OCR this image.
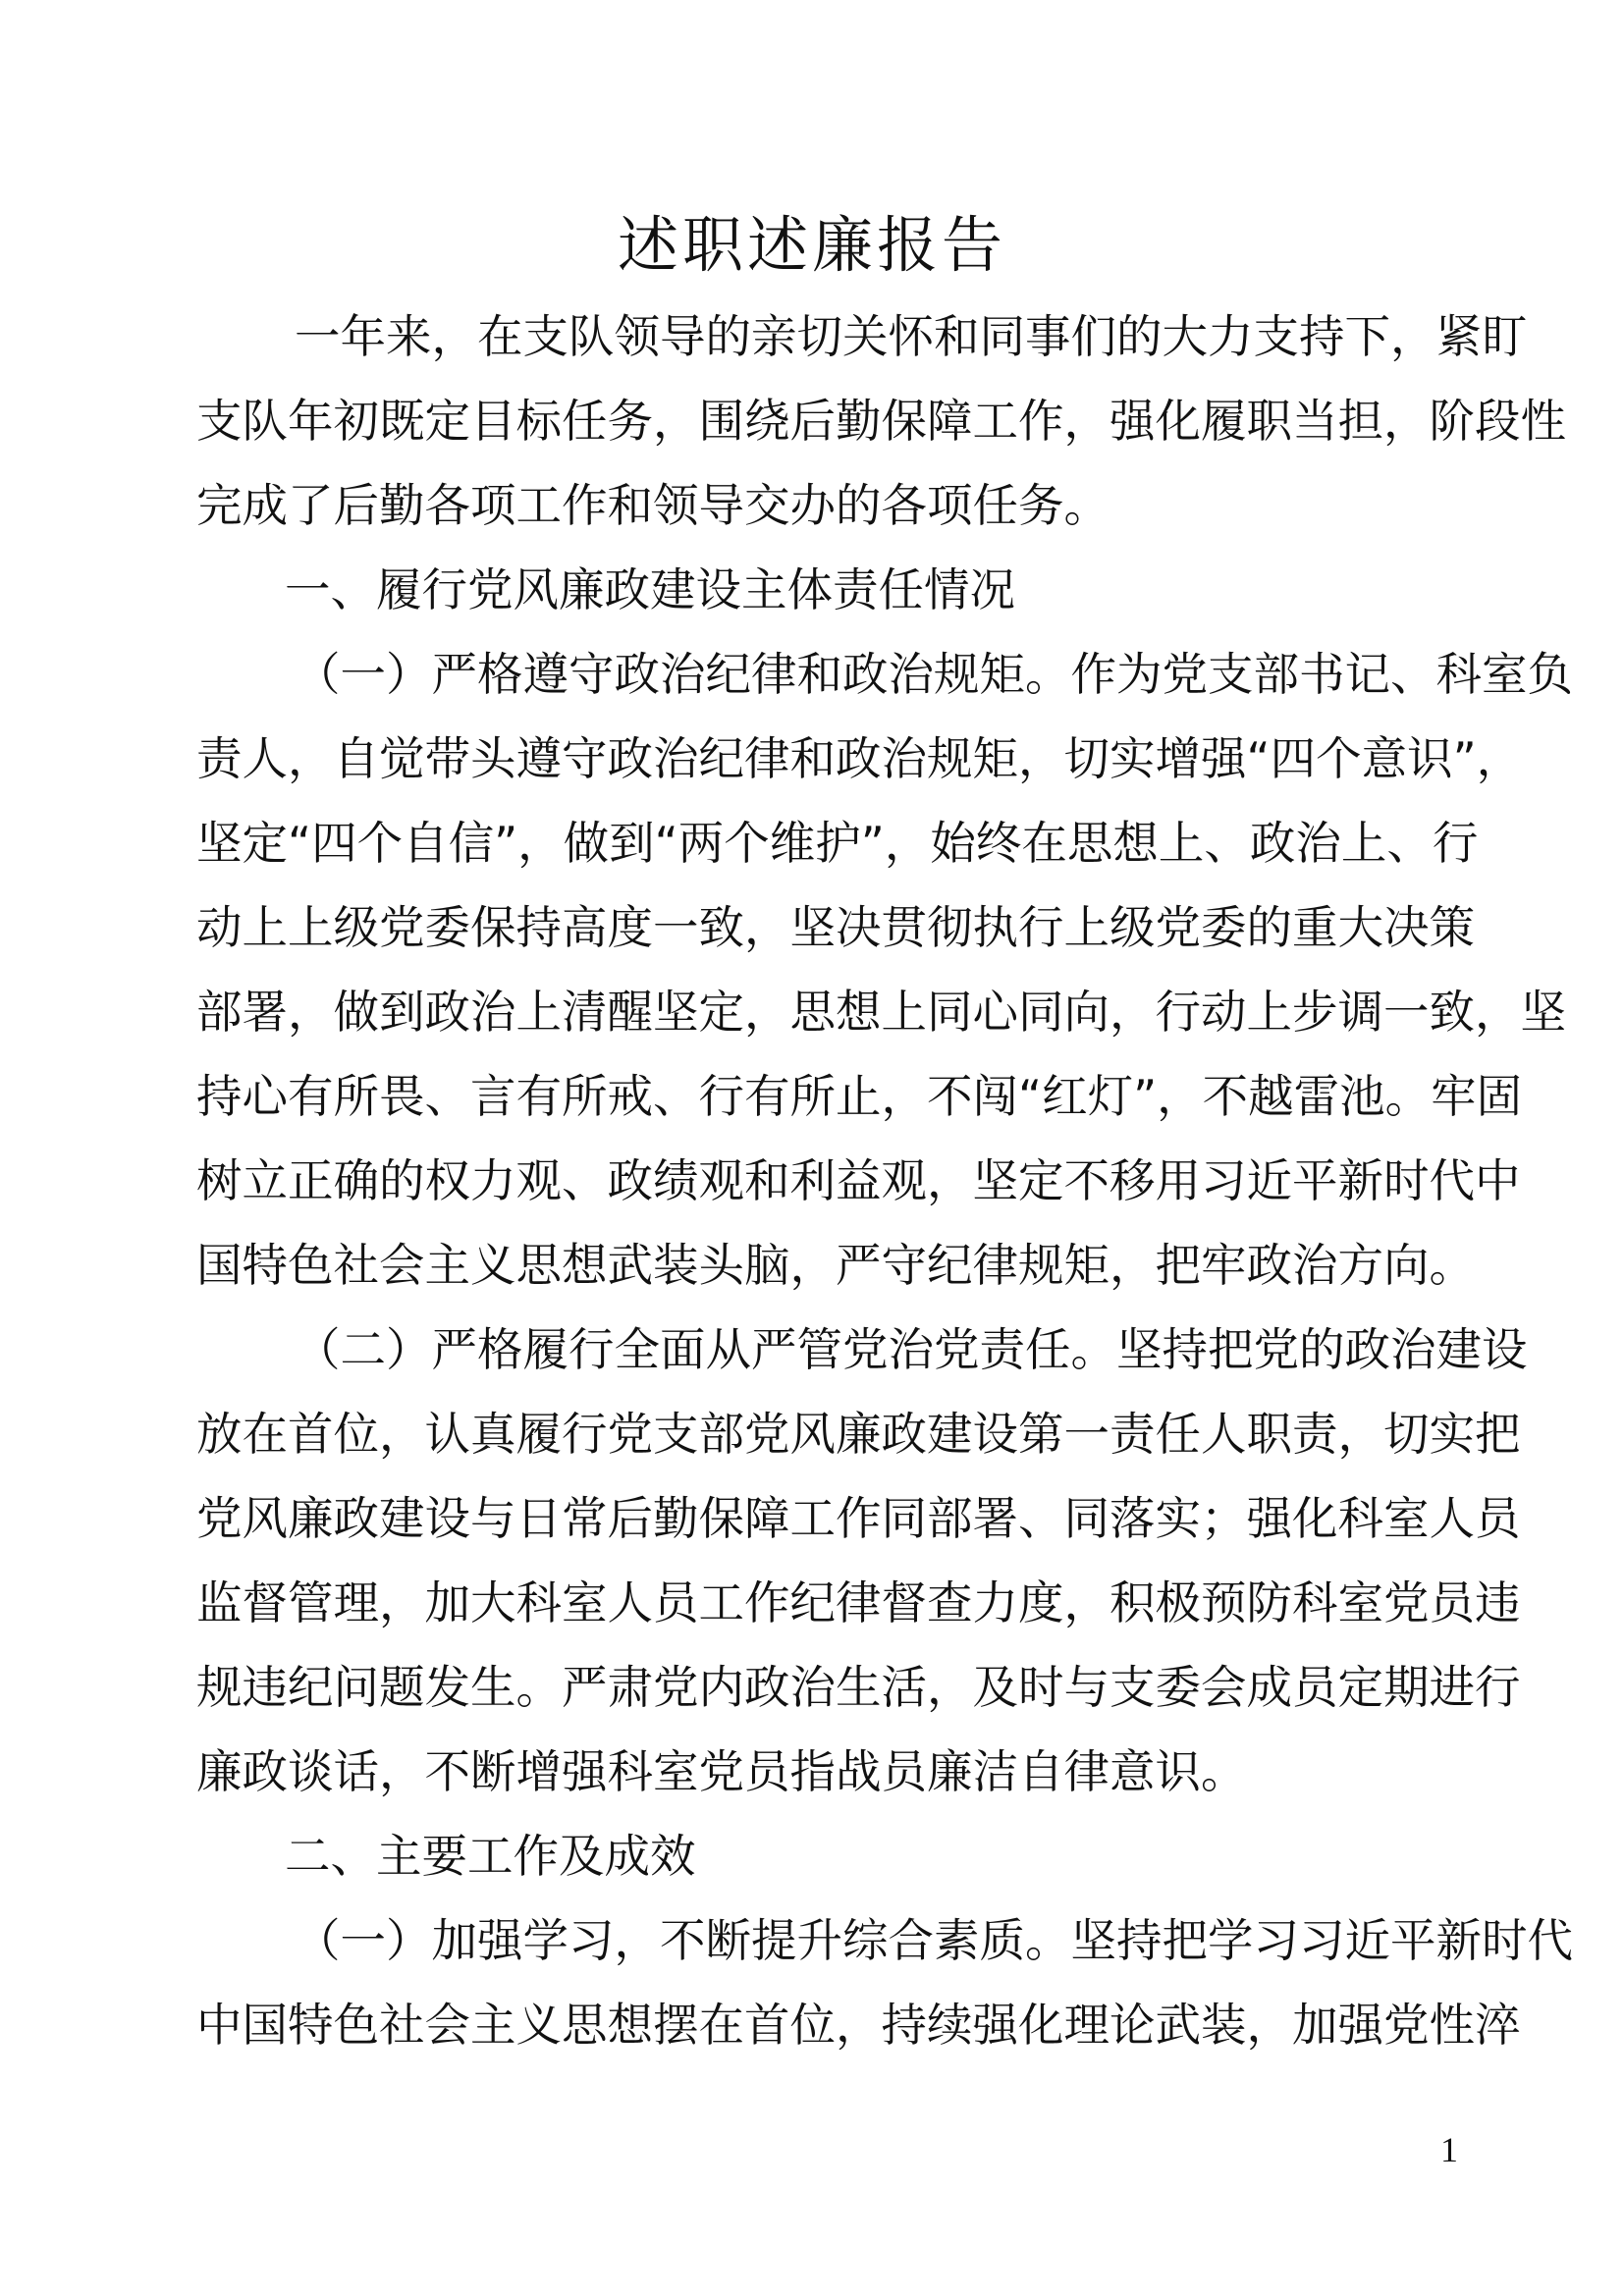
述职述廉报告
一年来，在支队领导的亲切关怀和同事们的大力支持下，紧盯
支队年初既定目标任务，围绕后勤保障工作，强化履职当担，阶段性
完成了后勤各项工作和领导交办的各项任务。
一、履行党风廉政建设主体责任情况
（一）严格遵守政治纪律和政治规矩。作为党支部书记、科室负
责人，自觉带头遵守政治纪律和政治规矩，切实增强“四个意识”，
坚定“四个自信”，做到“两个维护”，始终在思想上、政治上、行
动上上级党委保持高度一致，坚决贯彻执行上级党委的重大决策
部署，做到政治上清醒坚定，思想上同心同向，行动上步调一致，坚
持心有所畏、言有所戒、行有所止，不闯“红灯”，不越雷池。牢固
树立正确的权力观、政绩观和利益观，坚定不移用习近平新时代中
国特色社会主义思想武装头脑，严守纪律规矩，把牢政治方向。
（二）严格履行全面从严管党治党责任。坚持把党的政治建设
放在首位，认真履行党支部党风廉政建设第一责任人职责，切实把
党风廉政建设与日常后勤保障工作同部署、同落实；强化科室人员
监督管理，加大科室人员工作纪律督查力度，积极预防科室党员违
规违纪问题发生。严肃党内政治生活，及时与支委会成员定期进行
廉政谈话，不断增强科室党员指战员廉洁自律意识。
二、主要工作及成效
（一）加强学习，不断提升综合素质。坚持把学习习近平新时代
中国特色社会主义思想摆在首位，持续强化理论武装，加强党性淬
1
